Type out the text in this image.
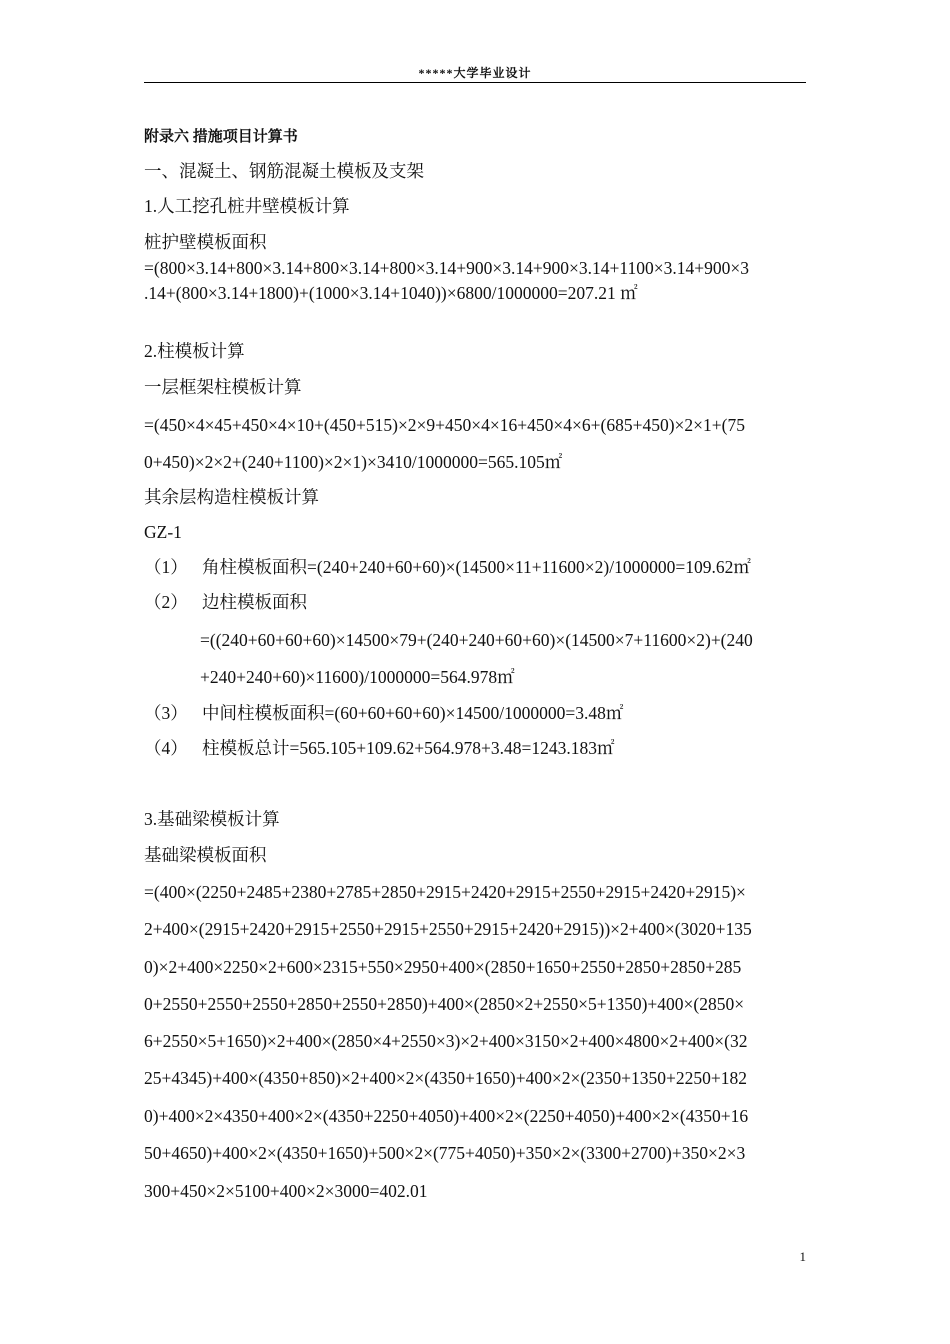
*****大学毕业设计
附录六 措施项目计算书
一、混凝土、钢筋混凝土模板及支架
1.人工挖孔桩井壁模板计算
桩护壁模板面积
=(800×3.14+800×3.14+800×3.14+800×3.14+900×3.14+900×3.14+1100×3.14+900×3
.14+(800×3.14+1800)+(1000×3.14+1040))×6800/1000000=207.21 ㎡
2.柱模板计算
一层框架柱模板计算
=(450×4×45+450×4×10+(450+515)×2×9+450×4×16+450×4×6+(685+450)×2×1+(75
0+450)×2×2+(240+1100)×2×1)×3410/1000000=565.105㎡
其余层构造柱模板计算
GZ-1
（1） 角柱模板面积=(240+240+60+60)×(14500×11+11600×2)/1000000=109.62㎡
（2） 边柱模板面积
=((240+60+60+60)×14500×79+(240+240+60+60)×(14500×7+11600×2)+(240
+240+240+60)×11600)/1000000=564.978㎡
（3） 中间柱模板面积=(60+60+60+60)×14500/1000000=3.48㎡
（4） 柱模板总计=565.105+109.62+564.978+3.48=1243.183㎡
3.基础梁模板计算
基础梁模板面积
=(400×(2250+2485+2380+2785+2850+2915+2420+2915+2550+2915+2420+2915)×
2+400×(2915+2420+2915+2550+2915+2550+2915+2420+2915))×2+400×(3020+135
0)×2+400×2250×2+600×2315+550×2950+400×(2850+1650+2550+2850+2850+285
0+2550+2550+2550+2850+2550+2850)+400×(2850×2+2550×5+1350)+400×(2850×
6+2550×5+1650)×2+400×(2850×4+2550×3)×2+400×3150×2+400×4800×2+400×(32
25+4345)+400×(4350+850)×2+400×2×(4350+1650)+400×2×(2350+1350+2250+182
0)+400×2×4350+400×2×(4350+2250+4050)+400×2×(2250+4050)+400×2×(4350+16
50+4650)+400×2×(4350+1650)+500×2×(775+4050)+350×2×(3300+2700)+350×2×3
300+450×2×5100+400×2×3000=402.01
1
